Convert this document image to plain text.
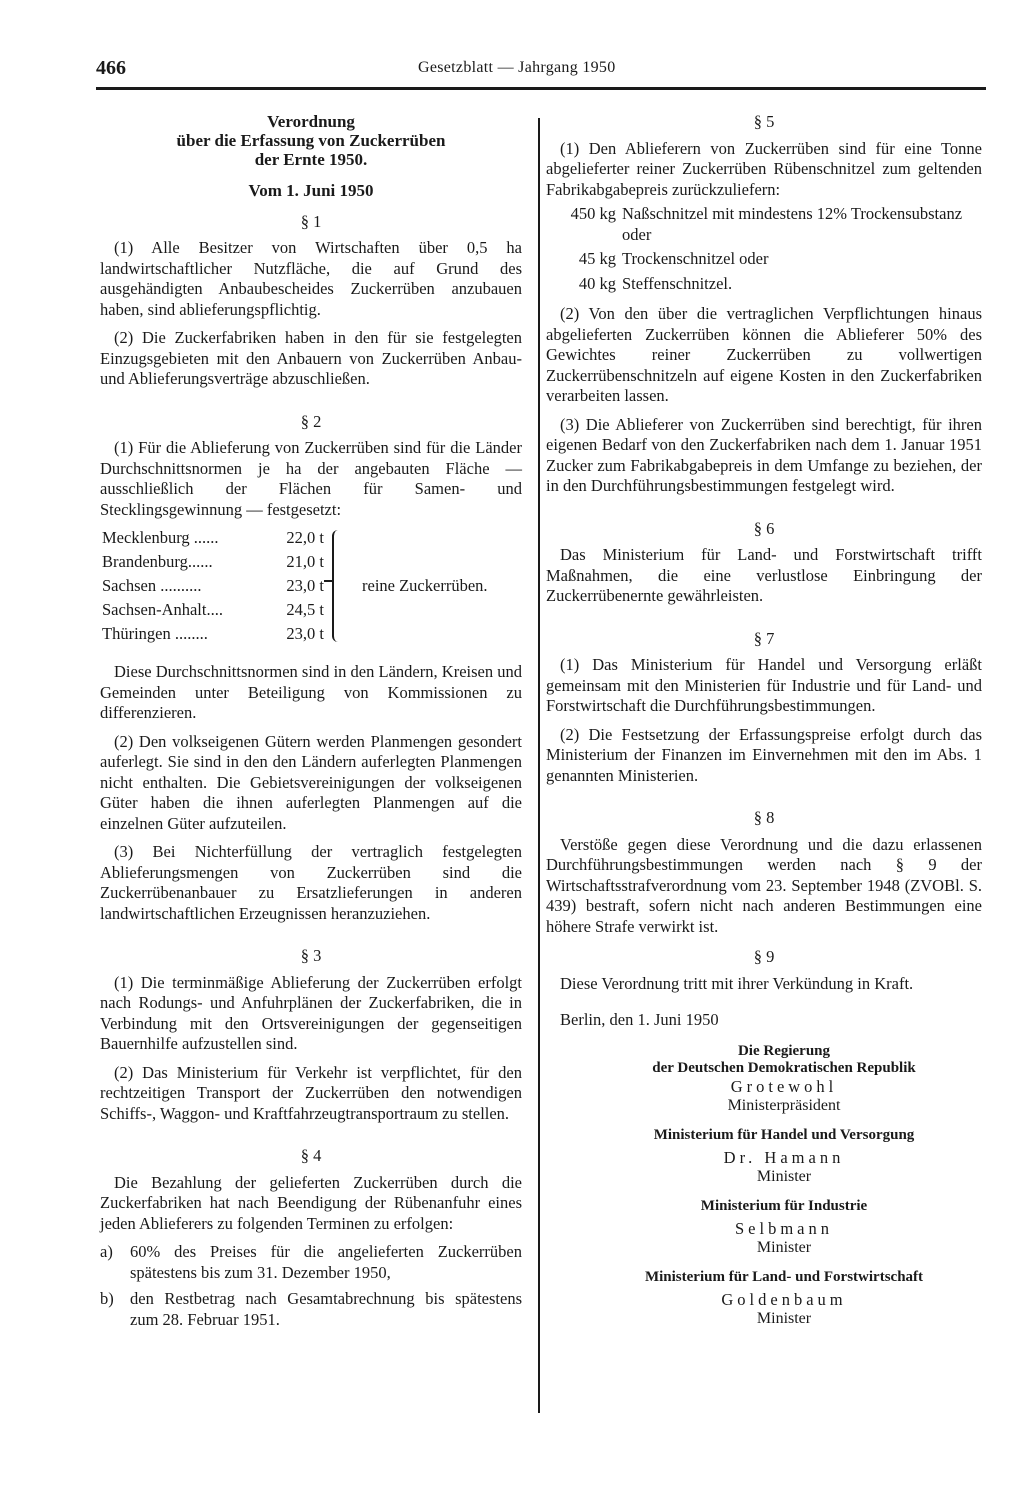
466	Gesetzblatt — Jahrgang 1950
Verordnung
über die Erfassung von Zuckerrüben
der Ernte 1950.
Vom 1. Juni 1950
§ 1

(1) Alle Besitzer von Wirtschaften über 0,5 ha landwirtschaftlicher Nutzfläche, die auf Grund des ausgehändigten Anbaubescheides Zuckerrüben anzubauen haben, sind ablieferungspflichtig.

(2) Die Zuckerfabriken haben in den für sie festgelegten Einzugsgebieten mit den Anbauern von Zuckerrüben Anbau- und Ablieferungsverträge abzuschließen.

§ 2

(1) Für die Ablieferung von Zuckerrüben sind für die Länder Durchschnittsnormen je ha der angebauten Fläche — ausschließlich der Flächen für Samen- und Stecklingsgewinnung — festgesetzt:

Mecklenburg ......	22,0 t
Brandenburg......	21,0 t
Sachsen ..........	23,0 t
Sachsen-Anhalt....	24,5 t
Thüringen ........	23,0 t
reine Zuckerrüben.

Diese Durchschnittsnormen sind in den Ländern, Kreisen und Gemeinden unter Beteiligung von Kommissionen zu differenzieren.

(2) Den volkseigenen Gütern werden Planmengen gesondert auferlegt. Sie sind in den den Ländern auferlegten Planmengen nicht enthalten. Die Gebietsvereinigungen der volkseigenen Güter haben die ihnen auferlegten Planmengen auf die einzelnen Güter aufzuteilen.

(3) Bei Nichterfüllung der vertraglich festgelegten Ablieferungsmengen von Zuckerrüben sind die Zuckerrübenanbauer zu Ersatzlieferungen in anderen landwirtschaftlichen Erzeugnissen heranzuziehen.

§ 3

(1) Die terminmäßige Ablieferung der Zuckerrüben erfolgt nach Rodungs- und Anfuhrplänen der Zuckerfabriken, die in Verbindung mit den Ortsvereinigungen der gegenseitigen Bauernhilfe aufzustellen sind.

(2) Das Ministerium für Verkehr ist verpflichtet, für den rechtzeitigen Transport der Zuckerrüben den notwendigen Schiffs-, Waggon- und Kraftfahrzeugtransportraum zu stellen.

§ 4

Die Bezahlung der gelieferten Zuckerrüben durch die Zuckerfabriken hat nach Beendigung der Rübenanfuhr eines jeden Ablieferers zu folgenden Terminen zu erfolgen:

a) 60% des Preises für die angelieferten Zuckerrüben spätestens bis zum 31. Dezember 1950,
b) den Restbetrag nach Gesamtabrechnung bis spätestens zum 28. Februar 1951.
§ 5

(1) Den Ablieferern von Zuckerrüben sind für eine Tonne abgelieferter reiner Zuckerrüben Rübenschnitzel zum geltenden Fabrikabgabepreis zurückzuliefern:

450 kg Naßschnitzel mit mindestens 12% Trockensubstanz oder
45 kg Trockenschnitzel oder
40 kg Steffenschnitzel.

(2) Von den über die vertraglichen Verpflichtungen hinaus abgelieferten Zuckerrüben können die Ablieferer 50% des Gewichtes reiner Zuckerrüben zu vollwertigen Zuckerrübenschnitzeln auf eigene Kosten in den Zuckerfabriken verarbeiten lassen.

(3) Die Ablieferer von Zuckerrüben sind berechtigt, für ihren eigenen Bedarf von den Zuckerfabriken nach dem 1. Januar 1951 Zucker zum Fabrikabgabepreis in dem Umfange zu beziehen, der in den Durchführungsbestimmungen festgelegt wird.

§ 6

Das Ministerium für Land- und Forstwirtschaft trifft Maßnahmen, die eine verlustlose Einbringung der Zuckerrübenernte gewährleisten.

§ 7

(1) Das Ministerium für Handel und Versorgung erläßt gemeinsam mit den Ministerien für Industrie und für Land- und Forstwirtschaft die Durchführungsbestimmungen.

(2) Die Festsetzung der Erfassungspreise erfolgt durch das Ministerium der Finanzen im Einvernehmen mit den im Abs. 1 genannten Ministerien.

§ 8

Verstöße gegen diese Verordnung und die dazu erlassenen Durchführungsbestimmungen werden nach § 9 der Wirtschaftsstrafverordnung vom 23. September 1948 (ZVOBl. S. 439) bestraft, sofern nicht nach anderen Bestimmungen eine höhere Strafe verwirkt ist.

§ 9

Diese Verordnung tritt mit ihrer Verkündung in Kraft.

Berlin, den 1. Juni 1950

Die Regierung
der Deutschen Demokratischen Republik
Grotewohl
Ministerpräsident
Ministerium für Handel und Versorgung
Dr. Hamann
Minister
Ministerium für Industrie
Selbmann
Minister
Ministerium für Land- und Forstwirtschaft
Goldenbaum
Minister
